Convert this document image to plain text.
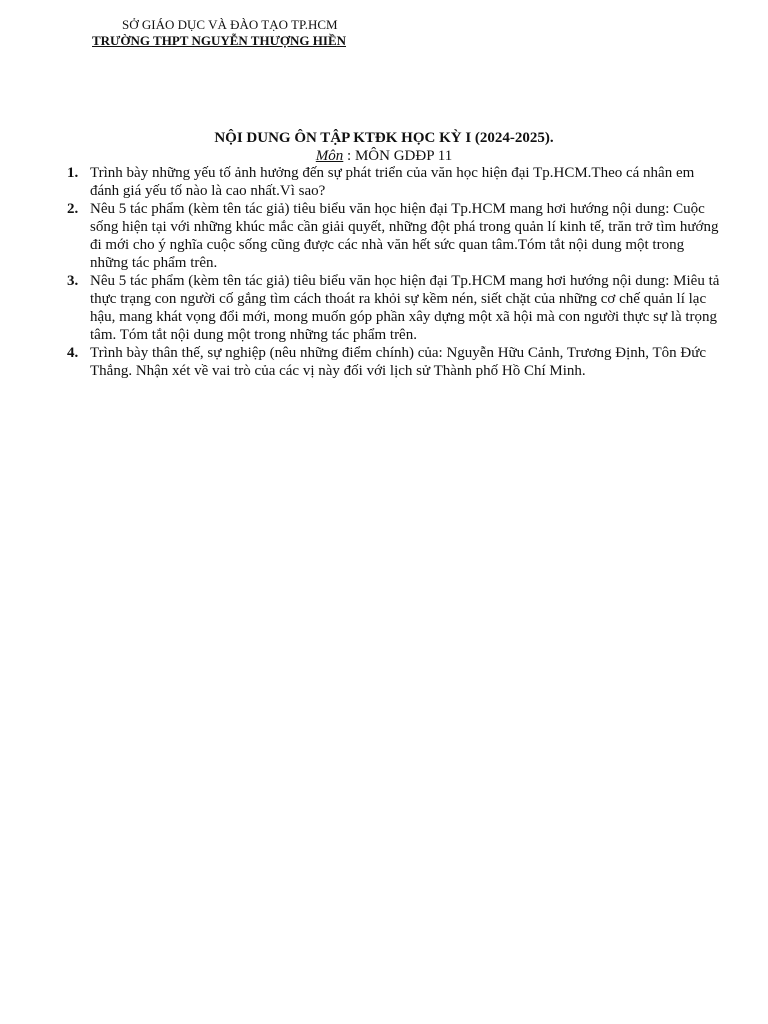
SỞ GIÁO DỤC VÀ ĐÀO TẠO TP.HCM
TRƯỜNG THPT NGUYỄN THƯỢNG HIỀN
NỘI DUNG ÔN TẬP KTĐK HỌC KỲ I (2024-2025).
Môn : MÔN GDĐP 11
1. Trình bày những yếu tố ảnh hưởng đến sự phát triển của văn học hiện đại Tp.HCM.Theo cá nhân em đánh giá yếu tố nào là cao nhất.Vì sao?
2. Nêu 5 tác phẩm (kèm tên tác giả) tiêu biểu văn học hiện đại Tp.HCM mang hơi hướng nội dung: Cuộc sống hiện tại với những khúc mắc cần giải quyết, những đột phá trong quản lí kinh tế, trăn trở tìm hướng đi mới cho ý nghĩa cuộc sống cũng được các nhà văn hết sức quan tâm.Tóm tắt nội dung một trong những tác phẩm trên.
3. Nêu 5 tác phẩm (kèm tên tác giả) tiêu biểu văn học hiện đại Tp.HCM mang hơi hướng nội dung: Miêu tả thực trạng con người cố gắng tìm cách thoát ra khỏi sự kềm nén, siết chặt của những cơ chế quản lí lạc hậu, mang khát vọng đổi mới, mong muốn góp phần xây dựng một xã hội mà con người thực sự là trọng tâm. Tóm tắt nội dung một trong những tác phẩm trên.
4. Trình bày thân thế, sự nghiệp (nêu những điểm chính) của: Nguyễn Hữu Cảnh, Trương Định, Tôn Đức Thắng. Nhận xét về vai trò của các vị này đối với lịch sử Thành phố Hồ Chí Minh.
